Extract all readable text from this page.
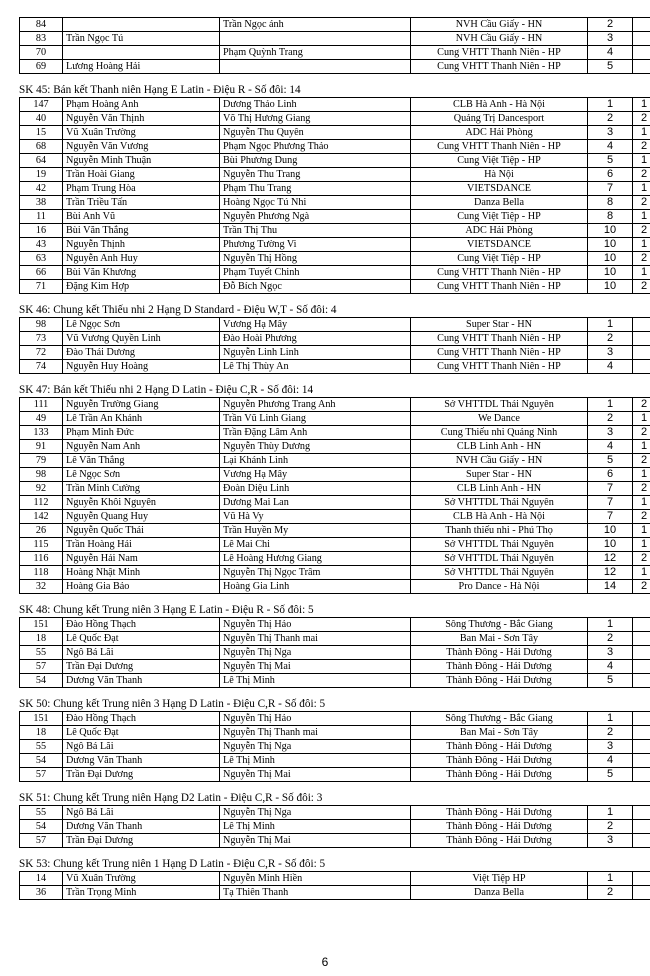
84		Trần Ngọc ánh	NVH Cầu Giấy - HN	2	
83	Trần Ngọc Tú		NVH Cầu Giấy - HN	3	
70		Phạm Quỳnh Trang	Cung VHTT Thanh Niên - HP	4	
69	Lương Hoàng Hải		Cung VHTT Thanh Niên - HP	5	
SK 45: Bán kết Thanh niên Hạng E Latin - Điệu R - Số đôi: 14
147	Phạm Hoàng Anh	Dương Thảo Linh	CLB Hà Anh - Hà Nội	1	1
40	Nguyễn Văn Thịnh	Võ Thị Hương Giang	Quảng Trị Dancesport	2	2
15	Vũ Xuân Trường	Nguyễn Thu Quyên	ADC Hải Phòng	3	1
68	Nguyễn Văn Vương	Phạm Ngọc Phương Thảo	Cung VHTT Thanh Niên - HP	4	2
64	Nguyễn Minh Thuận	Bùi Phương Dung	Cung Việt Tiệp - HP	5	1
19	Trần Hoài Giang	Nguyễn Thu Trang	Hà Nội	6	2
42	Phạm Trung Hòa	Phạm Thu Trang	VIETSDANCE	7	1
38	Trần Triều Tấn	Hoàng Ngọc Tú Nhi	Danza Bella	8	2
11	Bùi Anh Vũ	Nguyễn Phương Ngà	Cung Việt Tiệp - HP	8	1
16	Bùi Văn Thắng	Trần Thị Thu	ADC Hải Phòng	10	2
43	Nguyễn Thịnh	Phương Tường Vi	VIETSDANCE	10	1
63	Nguyễn Anh Huy	Nguyễn Thị Hồng	Cung Việt Tiệp - HP	10	2
66	Bùi Văn Khương	Phạm Tuyết Chinh	Cung VHTT Thanh Niên - HP	10	1
71	Đặng Kim Hợp	Đỗ Bích Ngọc	Cung VHTT Thanh Niên - HP	10	2
SK 46: Chung kết Thiếu nhi 2 Hạng D Standard - Điệu W,T - Số đôi: 4
98	Lê Ngọc Sơn	Vương Hạ Mây	Super Star - HN	1	
73	Vũ Vương Quyền Linh	Đào Hoài Phương	Cung VHTT Thanh Niên - HP	2	
72	Đào Thái Dương	Nguyễn Linh Linh	Cung VHTT Thanh Niên - HP	3	
74	Nguyễn Huy Hoàng	Lê Thị Thùy An	Cung VHTT Thanh Niên - HP	4	
SK 47: Bán kết Thiếu nhi 2 Hạng D Latin - Điệu C,R - Số đôi: 14
111	Nguyễn Trường Giang	Nguyễn Phương Trang Anh	Sở VHTTDL Thái Nguyên	1	2
49	Lê Trần An Khánh	Trần Vũ Linh Giang	We Dance	2	1
133	Phạm Minh Đức	Trần Đặng Lâm Anh	Cung Thiếu nhi Quảng Ninh	3	2
91	Nguyễn Nam Anh	Nguyễn Thùy Dương	CLB Linh Anh - HN	4	1
79	Lê Văn Thắng	Lại Khánh Linh	NVH Cầu Giấy - HN	5	2
98	Lê Ngọc Sơn	Vương Hạ Mây	Super Star - HN	6	1
92	Trần Minh Cường	Đoàn Diệu Linh	CLB Linh Anh - HN	7	2
112	Nguyễn Khôi Nguyên	Dương Mai Lan	Sở VHTTDL Thái Nguyên	7	1
142	Nguyễn Quang Huy	Vũ Hà Vy	CLB Hà Anh - Hà Nội	7	2
26	Nguyễn Quốc Thái	Trần Huyền My	Thanh thiếu nhi - Phú Thọ	10	1
115	Trần Hoàng Hải	Lê Mai Chi	Sở VHTTDL Thái Nguyên	10	1
116	Nguyễn Hải Nam	Lê Hoàng Hương Giang	Sở VHTTDL Thái Nguyên	12	2
118	Hoàng Nhật Minh	Nguyễn Thị Ngọc Trâm	Sở VHTTDL Thái Nguyên	12	1
32	Hoàng Gia Bảo	Hoàng Gia Linh	Pro Dance - Hà Nội	14	2
SK 48: Chung kết Trung niên 3 Hạng E Latin - Điệu R - Số đôi: 5
151	Đào Hồng Thạch	Nguyễn Thị Hảo	Sông Thương - Bắc Giang	1	
18	Lê Quốc Đạt	Nguyễn Thị Thanh mai	Ban Mai - Sơn Tây	2	
55	Ngô Bá Lãi	Nguyễn Thị Nga	Thành Đông - Hải Dương	3	
57	Trần Đại Dương	Nguyễn Thị Mai	Thành Đông - Hải Dương	4	
54	Dương Văn Thanh	Lê Thị Minh	Thành Đông - Hải Dương	5	
SK 50: Chung kết Trung niên 3 Hạng D Latin - Điệu C,R - Số đôi: 5
151	Đào Hồng Thạch	Nguyễn Thị Hảo	Sông Thương - Bắc Giang	1	
18	Lê Quốc Đạt	Nguyễn Thị Thanh mai	Ban Mai - Sơn Tây	2	
55	Ngô Bá Lãi	Nguyễn Thị Nga	Thành Đông - Hải Dương	3	
54	Dương Văn Thanh	Lê Thị Minh	Thành Đông - Hải Dương	4	
57	Trần Đại Dương	Nguyễn Thị Mai	Thành Đông - Hải Dương	5	
SK 51: Chung kết Trung niên Hạng D2 Latin - Điệu C,R - Số đôi: 3
55	Ngô Bá Lãi	Nguyễn Thị Nga	Thành Đông - Hải Dương	1	
54	Dương Văn Thanh	Lê Thị Minh	Thành Đông - Hải Dương	2	
57	Trần Đại Dương	Nguyễn Thị Mai	Thành Đông - Hải Dương	3	
SK 53: Chung kết Trung niên 1 Hạng D Latin - Điệu C,R - Số đôi: 5
14	Vũ Xuân Trường	Nguyễn Minh Hiền	Việt Tiệp HP	1	
36	Trần Trọng Minh	Tạ Thiên Thanh	Danza Bella	2	
6
